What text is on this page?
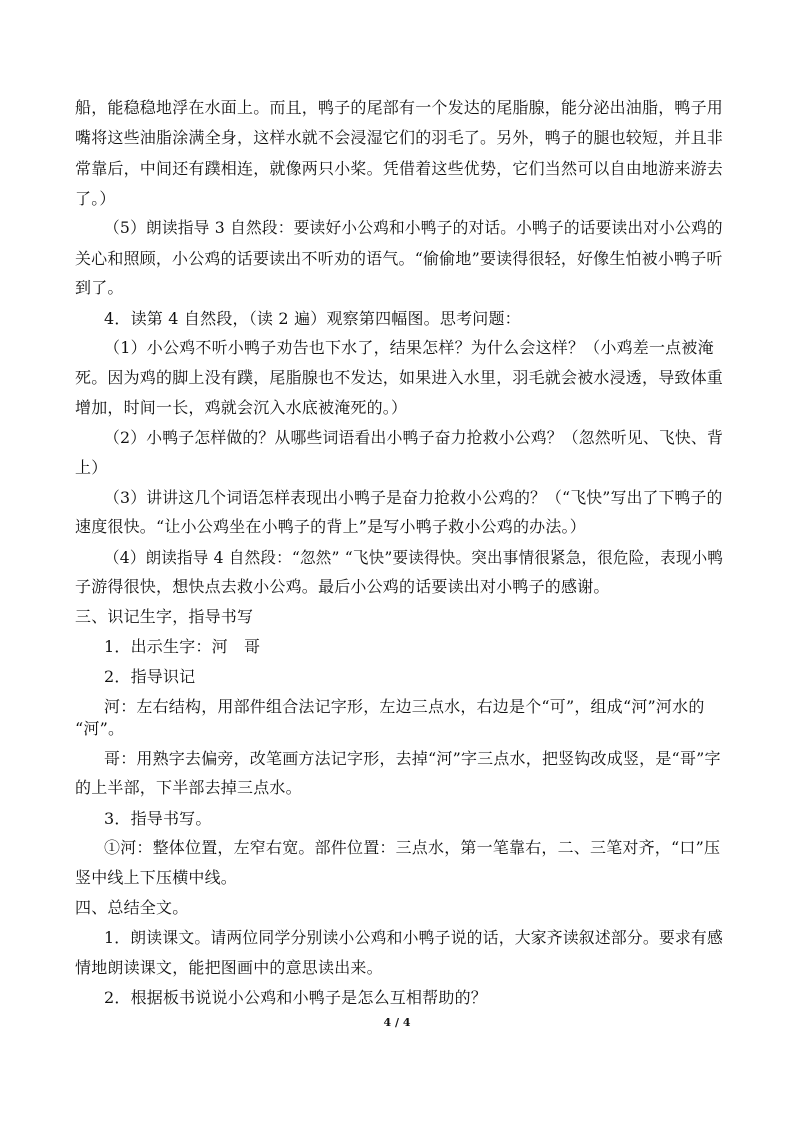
船，能稳稳地浮在水面上。而且，鸭子的尾部有一个发达的尾脂腺，能分泌出油脂，鸭子用
嘴将这些油脂涂满全身，这样水就不会浸湿它们的羽毛了。另外，鸭子的腿也较短，并且非
常靠后，中间还有蹼相连，就像两只小桨。凭借着这些优势，它们当然可以自由地游来游去
了。）
（5）朗读指导 3 自然段：要读好小公鸡和小鸭子的对话。小鸭子的话要读出对小公鸡的
关心和照顾，小公鸡的话要读出不听劝的语气。“偷偷地”要读得很轻，好像生怕被小鸭子听
到了。
4．读第 4 自然段，（读 2 遍）观察第四幅图。思考问题：
（1）小公鸡不听小鸭子劝告也下水了，结果怎样？为什么会这样？（小鸡差一点被淹
死。因为鸡的脚上没有蹼，尾脂腺也不发达，如果进入水里，羽毛就会被水浸透，导致体重
增加，时间一长，鸡就会沉入水底被淹死的。）
（2）小鸭子怎样做的？从哪些词语看出小鸭子奋力抢救小公鸡？（忽然听见、飞快、背
上）
（3）讲讲这几个词语怎样表现出小鸭子是奋力抢救小公鸡的？（“飞快”写出了下鸭子的
速度很快。“让小公鸡坐在小鸭子的背上”是写小鸭子救小公鸡的办法。）
（4）朗读指导 4 自然段：“忽然” “飞快”要读得快。突出事情很紧急，很危险，表现小鸭
子游得很快，想快点去救小公鸡。最后小公鸡的话要读出对小鸭子的感谢。
三、识记生字，指导书写
1．出示生字：河　哥
2．指导识记
河：左右结构，用部件组合法记字形，左边三点水，右边是个“可”，组成“河”河水的
“河”。
哥：用熟字去偏旁，改笔画方法记字形，去掉“河”字三点水，把竖钩改成竖，是“哥”字
的上半部，下半部去掉三点水。
3．指导书写。
①河：整体位置，左窄右宽。部件位置：三点水，第一笔靠右，二、三笔对齐，“口”压
竖中线上下压横中线。
四、总结全文。
1．朗读课文。请两位同学分别读小公鸡和小鸭子说的话，大家齐读叙述部分。要求有感
情地朗读课文，能把图画中的意思读出来。
2．根据板书说说小公鸡和小鸭子是怎么互相帮助的？
4 / 4
